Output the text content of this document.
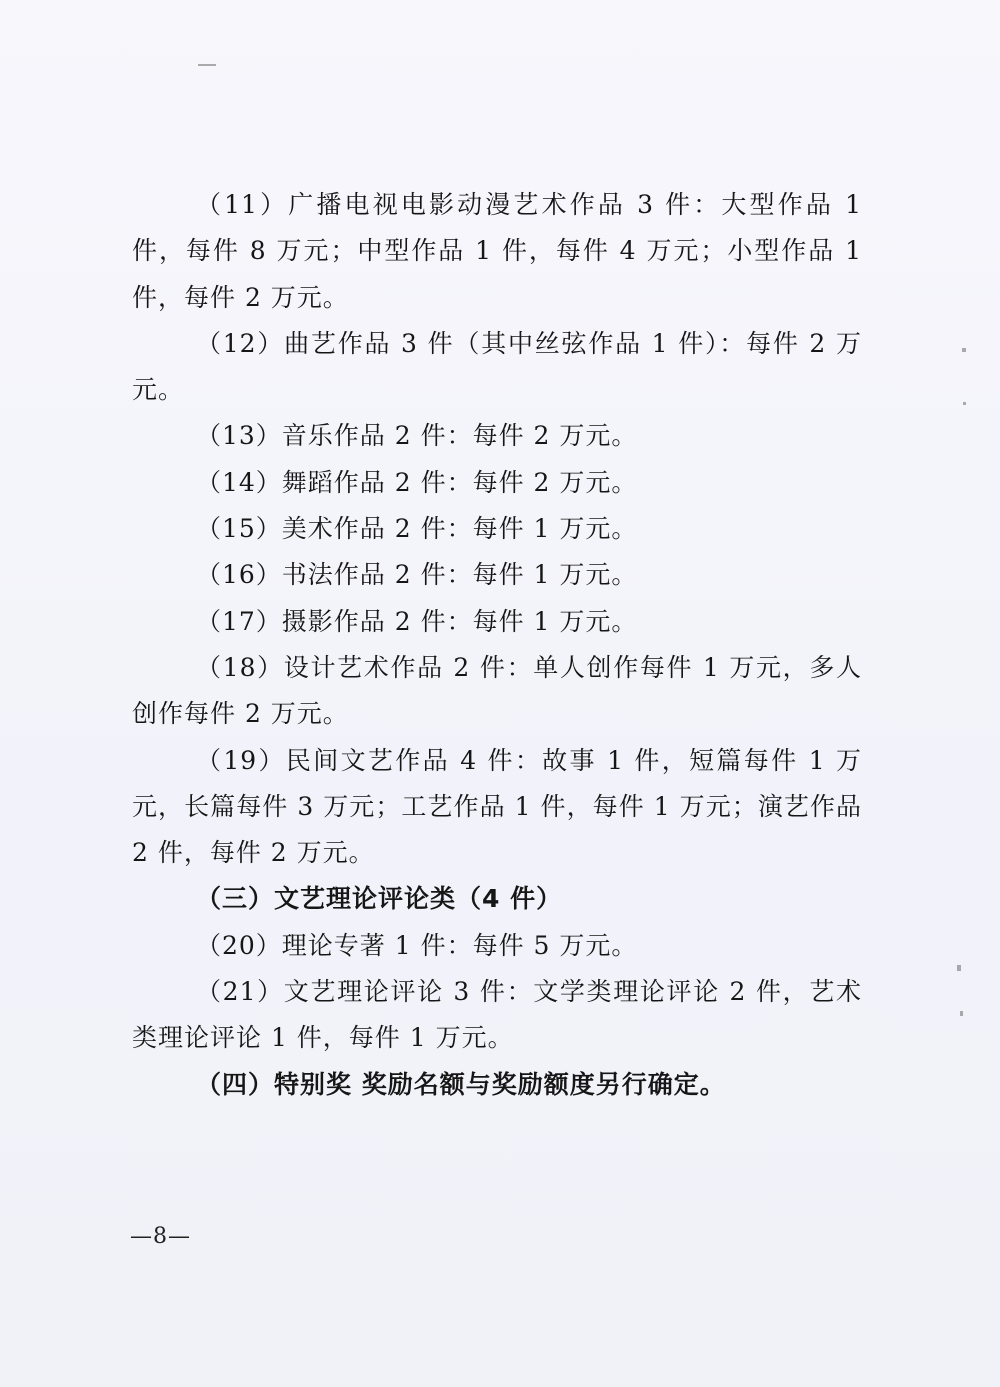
（11）广播电视电影动漫艺术作品 3 件：大型作品 1 件，每件 8 万元；中型作品 1 件，每件 4 万元；小型作品 1 件，每件 2 万元。

（12）曲艺作品 3 件（其中丝弦作品 1 件）：每件 2 万元。

（13）音乐作品 2 件：每件 2 万元。

（14）舞蹈作品 2 件：每件 2 万元。

（15）美术作品 2 件：每件 1 万元。

（16）书法作品 2 件：每件 1 万元。

（17）摄影作品 2 件：每件 1 万元。

（18）设计艺术作品 2 件：单人创作每件 1 万元，多人创作每件 2 万元。

（19）民间文艺作品 4 件：故事 1 件，短篇每件 1 万元，长篇每件 3 万元；工艺作品 1 件，每件 1 万元；演艺作品 2 件，每件 2 万元。

（三）文艺理论评论类（4 件）

（20）理论专著 1 件：每件 5 万元。

（21）文艺理论评论 3 件：文学类理论评论 2 件，艺术类理论评论 1 件，每件 1 万元。

（四）特别奖 奖励名额与奖励额度另行确定。

—8—
